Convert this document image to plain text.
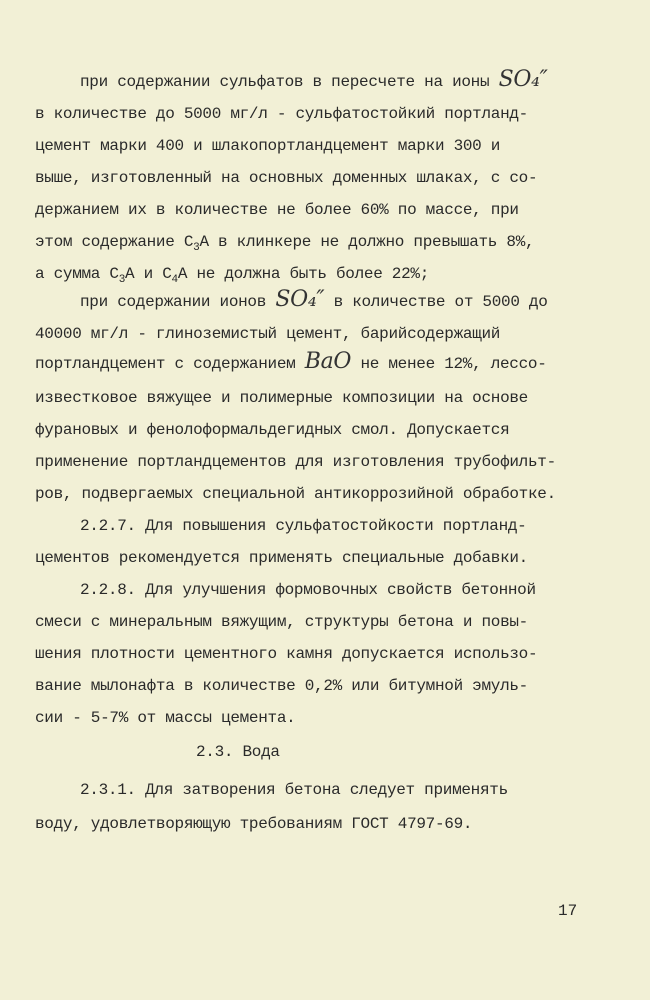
при содержании сульфатов в пересчете на ионы SO₄″
в количестве до 5000 мг/л - сульфатостойкий портланд-
цемент марки 400 и шлакопортландцемент марки 300 и
выше, изготовленный на основных доменных шлаках, с со-
держанием их в количестве не более 60% по массе, при
этом содержание $С_3А$ в клинкере не должно превышать 8%,
а сумма $С_3А$ и $С_4А$ не должна быть более 22%;
при содержании ионов SO₄″ в количестве от 5000 до
40000 мг/л - глиноземистый цемент, барийсодержащий
портландцемент с содержанием BaO не менее 12%, лессо-
известковое вяжущее и полимерные композиции на основе
фурановых и фенолоформальдегидных смол. Допускается
применение портландцементов для изготовления трубофильт-
ров, подвергаемых специальной антикоррозийной обработке.
2.2.7. Для повышения сульфатостойкости портланд-
цементов рекомендуется применять специальные добавки.
2.2.8. Для улучшения формовочных свойств бетонной
смеси с минеральным вяжущим, структуры бетона и повы-
шения плотности цементного камня допускается использо-
вание мылонафта в количестве 0,2% или битумной эмуль-
сии - 5-7% от массы цемента.
2.3. Вода
2.3.1. Для затворения бетона следует применять
воду, удовлетворяющую требованиям ГОСТ 4797-69.
17
